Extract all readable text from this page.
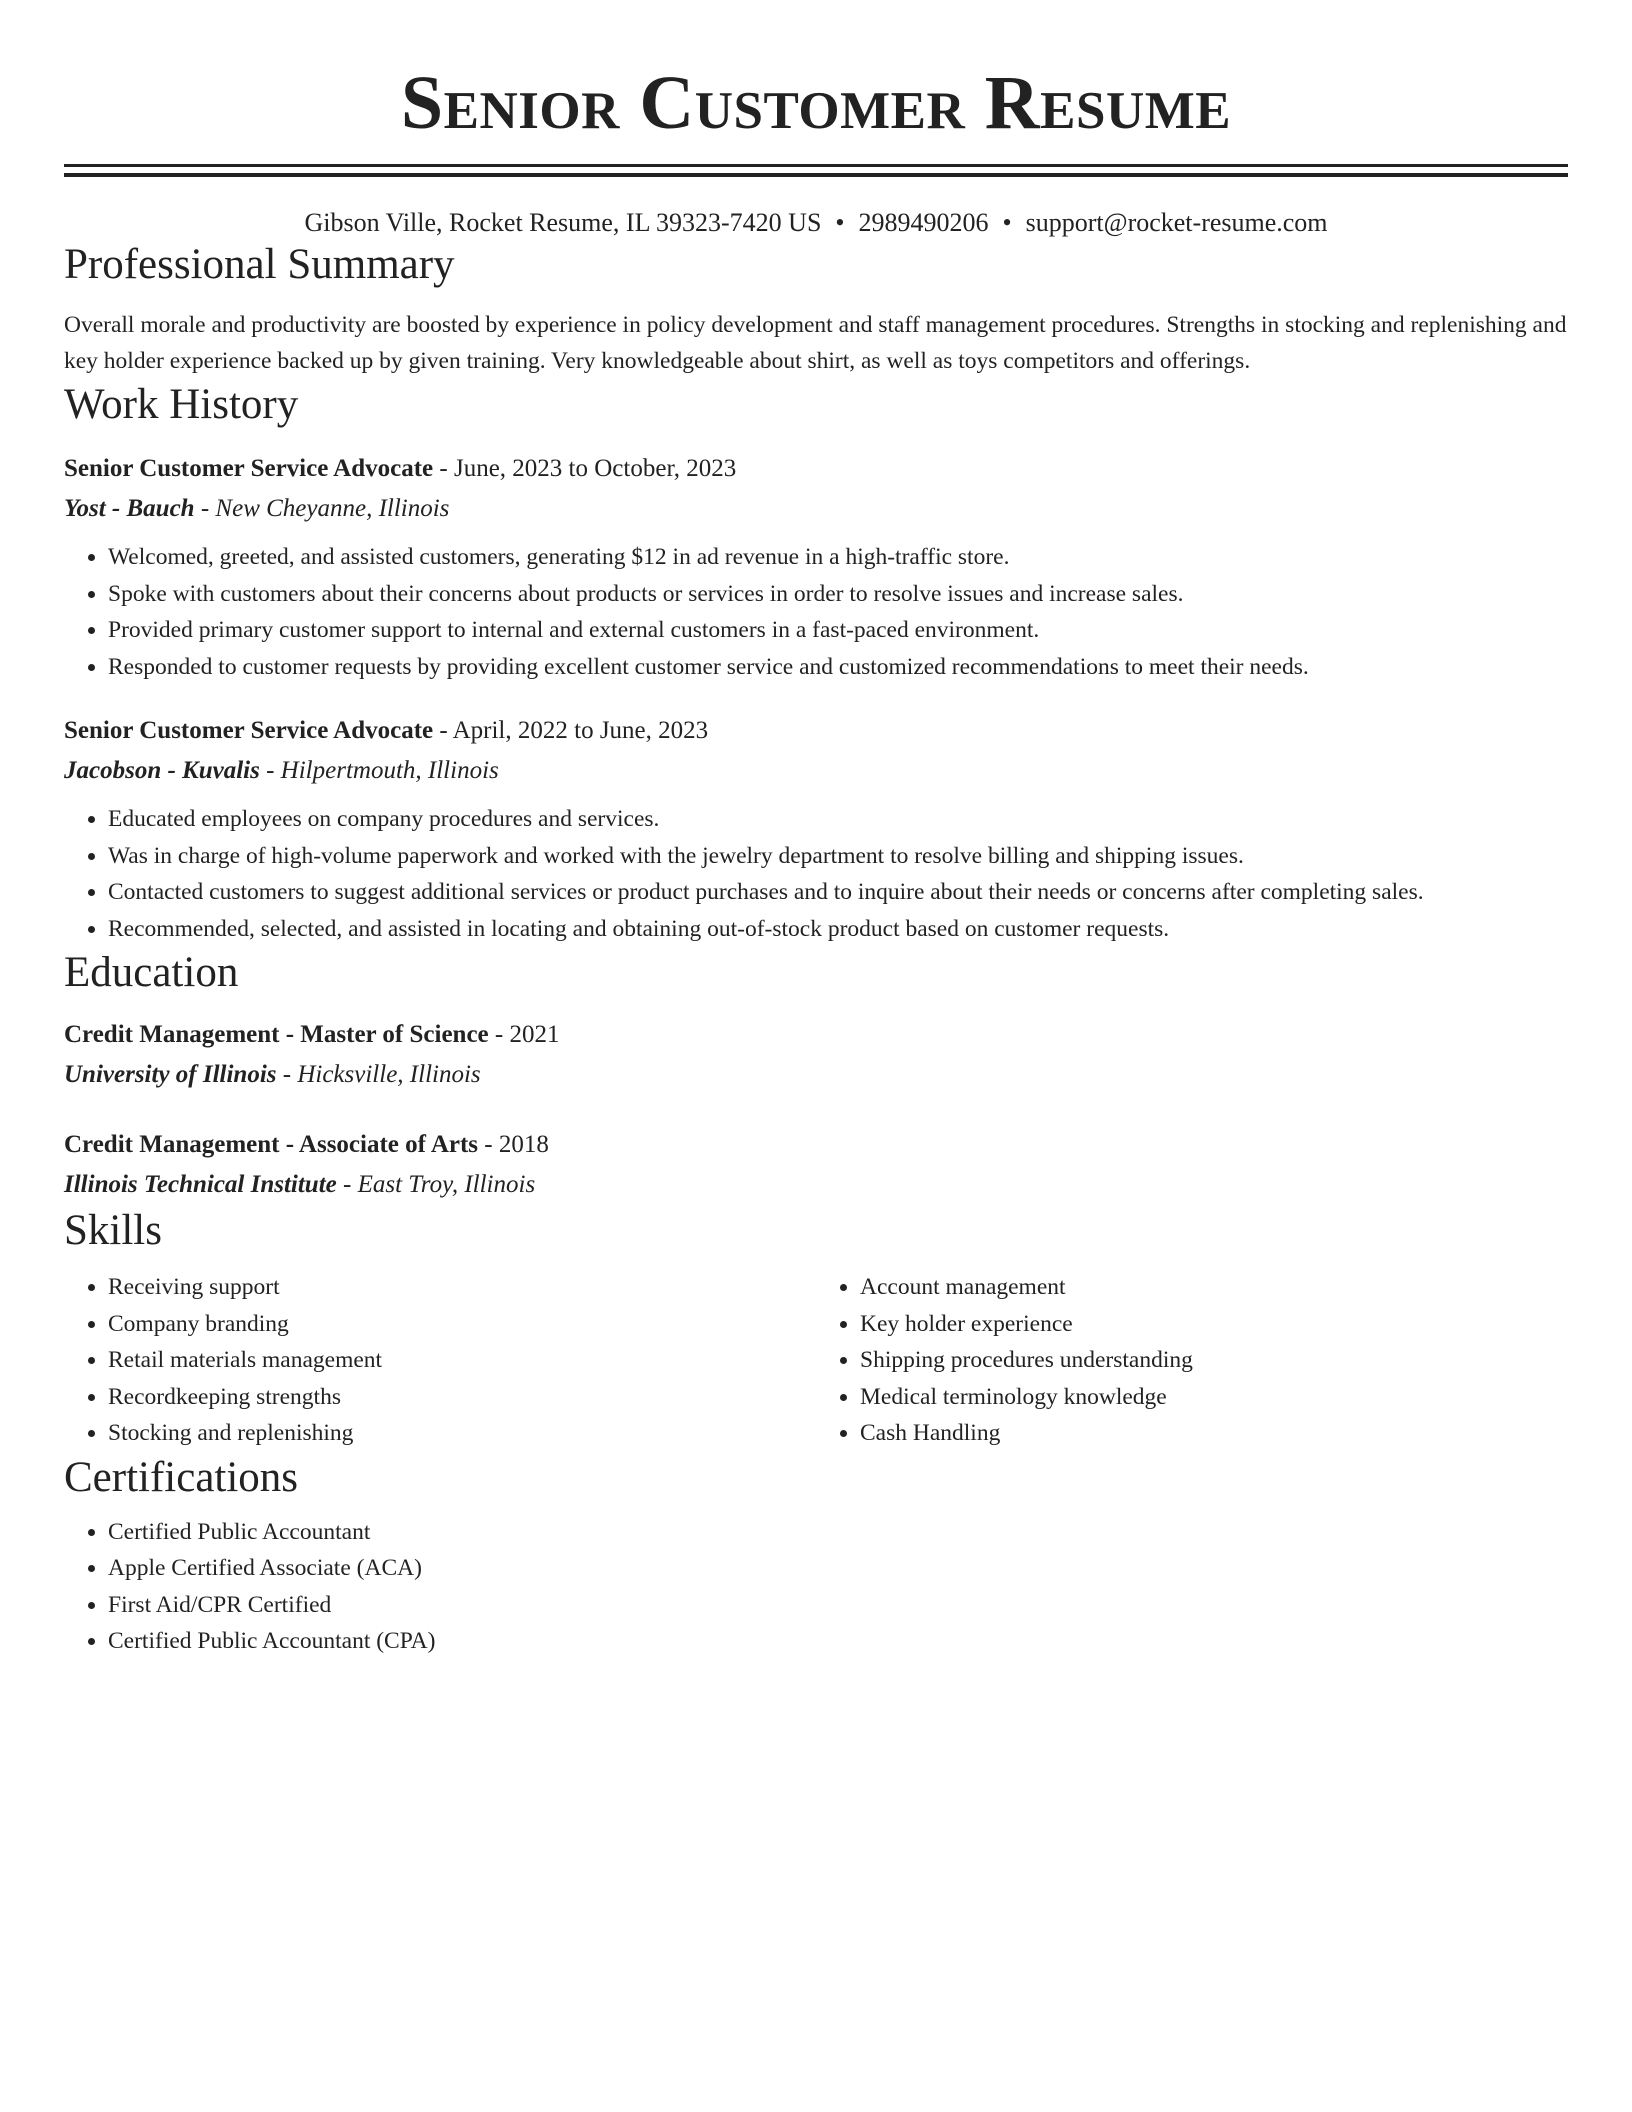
Senior Customer Resume
Gibson Ville, Rocket Resume, IL 39323-7420 US • 2989490206 • support@rocket-resume.com
Professional Summary
Overall morale and productivity are boosted by experience in policy development and staff management procedures. Strengths in stocking and replenishing and key holder experience backed up by given training. Very knowledgeable about shirt, as well as toys competitors and offerings.
Work History
Senior Customer Service Advocate - June, 2023 to October, 2023
Yost - Bauch - New Cheyanne, Illinois
• Welcomed, greeted, and assisted customers, generating $12 in ad revenue in a high-traffic store.
• Spoke with customers about their concerns about products or services in order to resolve issues and increase sales.
• Provided primary customer support to internal and external customers in a fast-paced environment.
• Responded to customer requests by providing excellent customer service and customized recommendations to meet their needs.
Senior Customer Service Advocate - April, 2022 to June, 2023
Jacobson - Kuvalis - Hilpertmouth, Illinois
• Educated employees on company procedures and services.
• Was in charge of high-volume paperwork and worked with the jewelry department to resolve billing and shipping issues.
• Contacted customers to suggest additional services or product purchases and to inquire about their needs or concerns after completing sales.
• Recommended, selected, and assisted in locating and obtaining out-of-stock product based on customer requests.
Education
Credit Management - Master of Science - 2021
University of Illinois - Hicksville, Illinois
Credit Management - Associate of Arts - 2018
Illinois Technical Institute - East Troy, Illinois
Skills
• Receiving support
• Company branding
• Retail materials management
• Recordkeeping strengths
• Stocking and replenishing
• Account management
• Key holder experience
• Shipping procedures understanding
• Medical terminology knowledge
• Cash Handling
Certifications
• Certified Public Accountant
• Apple Certified Associate (ACA)
• First Aid/CPR Certified
• Certified Public Accountant (CPA)
